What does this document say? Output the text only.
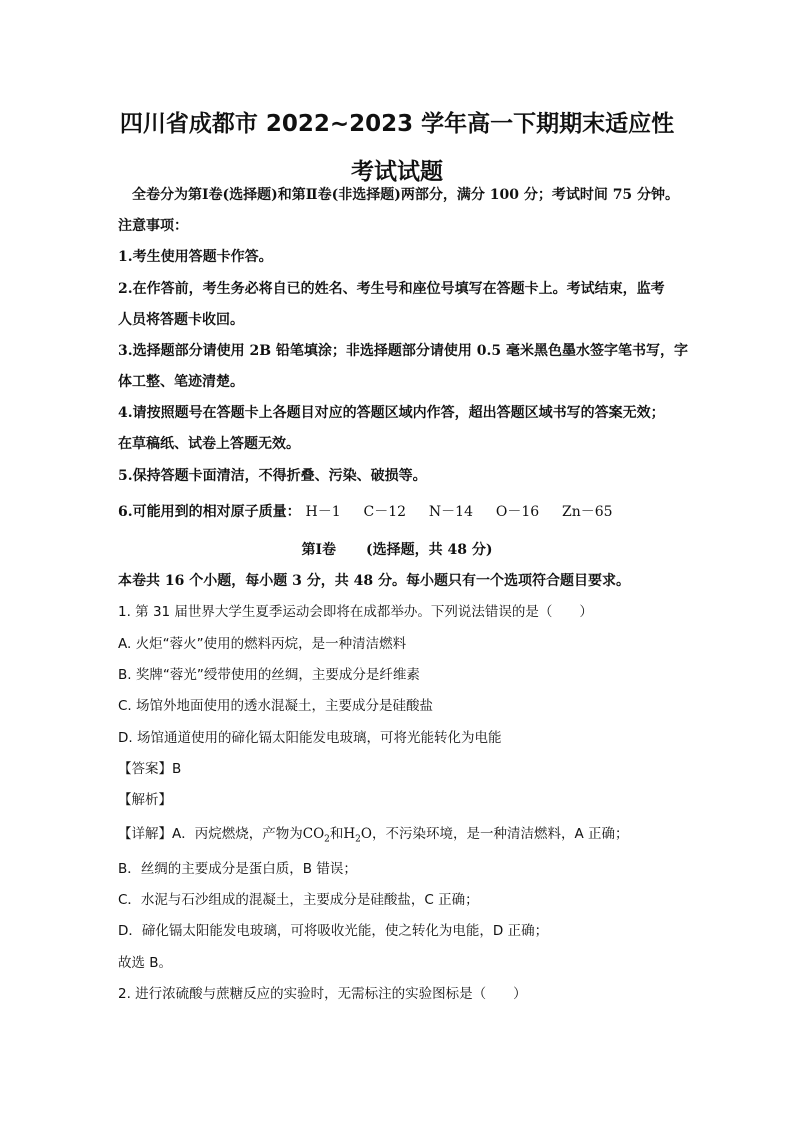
四川省成都市 2022~2023 学年高一下期期末适应性考试试题
全卷分为第Ⅰ卷(选择题)和第Ⅱ卷(非选择题)两部分，满分 100 分；考试时间 75 分钟。
注意事项：
1.考生使用答题卡作答。
2.在作答前，考生务必将自已的姓名、考生号和座位号填写在答题卡上。考试结束，监考
人员将答题卡收回。
3.选择题部分请使用 2B 铅笔填涂；非选择题部分请使用 0.5 毫米黑色墨水签字笔书写，字
体工整、笔迹清楚。
4.请按照题号在答题卡上各题目对应的答题区域内作答，超出答题区域书写的答案无效；
在草稿纸、试卷上答题无效。
5.保持答题卡面清洁，不得折叠、污染、破损等。
6.可能用到的相对原子质量： H－1 C－12 N－14 O－16 Zn－65
第Ⅰ卷 (选择题，共 48 分)
本卷共 16 个小题，每小题 3 分，共 48 分。每小题只有一个选项符合题目要求。
1. 第 31 届世界大学生夏季运动会即将在成都举办。下列说法错误的是（　　）
A. 火炬“蓉火”使用的燃料丙烷，是一种清洁燃料
B. 奖牌“蓉光”绶带使用的丝绸，主要成分是纤维素
C. 场馆外地面使用的透水混凝土，主要成分是硅酸盐
D. 场馆通道使用的碲化镉太阳能发电玻璃，可将光能转化为电能
【答案】B
【解析】
【详解】A．丙烷燃烧，产物为$CO_2$和$H_2O$，不污染环境，是一种清洁燃料，A 正确；
B．丝绸的主要成分是蛋白质，B 错误；
C．水泥与石沙组成的混凝土，主要成分是硅酸盐，C 正确；
D．碲化镉太阳能发电玻璃，可将吸收光能，使之转化为电能，D 正确；
故选 B。
2. 进行浓硫酸与蔗糖反应的实验时，无需标注的实验图标是（　　）
